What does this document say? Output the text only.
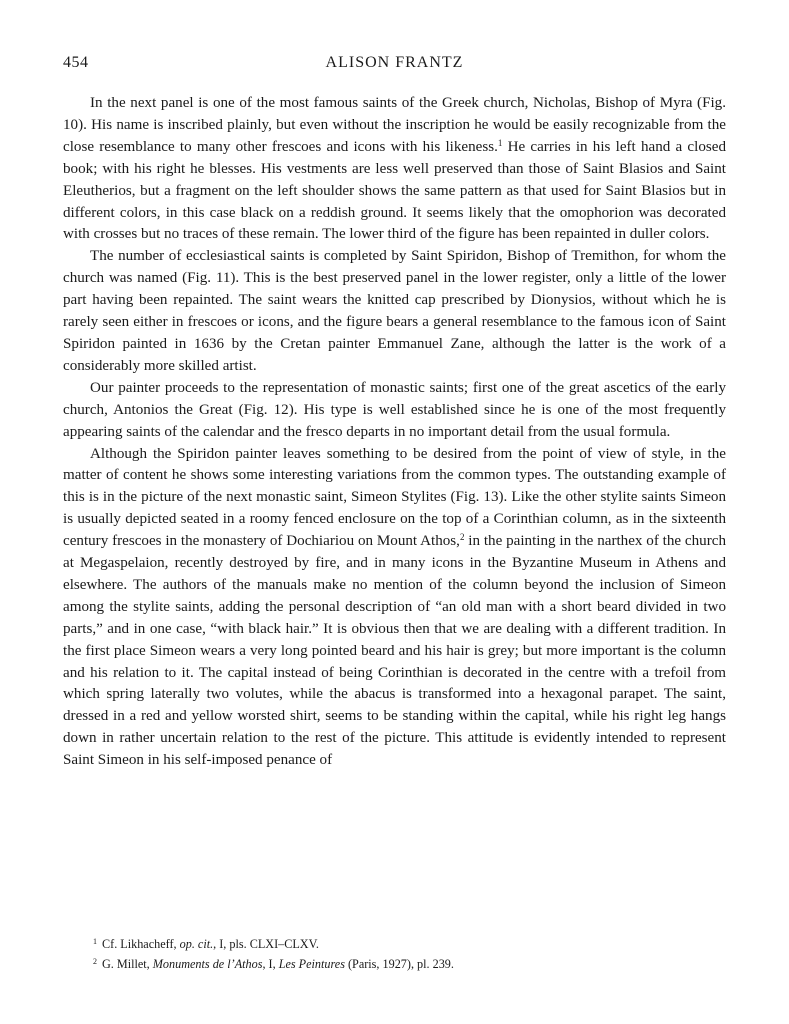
454	ALISON FRANTZ

In the next panel is one of the most famous saints of the Greek church, Nicholas, Bishop of Myra (Fig. 10). His name is inscribed plainly, but even without the inscription he would be easily recognizable from the close resemblance to many other frescoes and icons with his likeness.$^1$ He carries in his left hand a closed book; with his right he blesses. His vestments are less well preserved than those of Saint Blasios and Saint Eleutherios, but a fragment on the left shoulder shows the same pattern as that used for Saint Blasios but in different colors, in this case black on a reddish ground. It seems likely that the omophorion was decorated with crosses but no traces of these remain. The lower third of the figure has been repainted in duller colors.

The number of ecclesiastical saints is completed by Saint Spiridon, Bishop of Tremithon, for whom the church was named (Fig. 11). This is the best preserved panel in the lower register, only a little of the lower part having been repainted. The saint wears the knitted cap prescribed by Dionysios, without which he is rarely seen either in frescoes or icons, and the figure bears a general resemblance to the famous icon of Saint Spiridon painted in 1636 by the Cretan painter Emmanuel Zane, although the latter is the work of a considerably more skilled artist.

Our painter proceeds to the representation of monastic saints; first one of the great ascetics of the early church, Antonios the Great (Fig. 12). His type is well established since he is one of the most frequently appearing saints of the calendar and the fresco departs in no important detail from the usual formula.

Although the Spiridon painter leaves something to be desired from the point of view of style, in the matter of content he shows some interesting variations from the common types. The outstanding example of this is in the picture of the next monastic saint, Simeon Stylites (Fig. 13). Like the other stylite saints Simeon is usually depicted seated in a roomy fenced enclosure on the top of a Corinthian column, as in the sixteenth century frescoes in the monastery of Dochiariou on Mount Athos,$^2$ in the painting in the narthex of the church at Megaspelaion, recently destroyed by fire, and in many icons in the Byzantine Museum in Athens and elsewhere. The authors of the manuals make no mention of the column beyond the inclusion of Simeon among the stylite saints, adding the personal description of “an old man with a short beard divided in two parts,” and in one case, “with black hair.” It is obvious then that we are dealing with a different tradition. In the first place Simeon wears a very long pointed beard and his hair is grey; but more important is the column and his relation to it. The capital instead of being Corinthian is decorated in the centre with a trefoil from which spring laterally two volutes, while the abacus is transformed into a hexagonal parapet. The saint, dressed in a red and yellow worsted shirt, seems to be standing within the capital, while his right leg hangs down in rather uncertain relation to the rest of the picture. This attitude is evidently intended to represent Saint Simeon in his self-imposed penance of

$^1$ Cf. Likhacheff, op. cit., I, pls. CLXI–CLXV.
$^2$ G. Millet, Monuments de l’Athos, I, Les Peintures (Paris, 1927), pl. 239.
